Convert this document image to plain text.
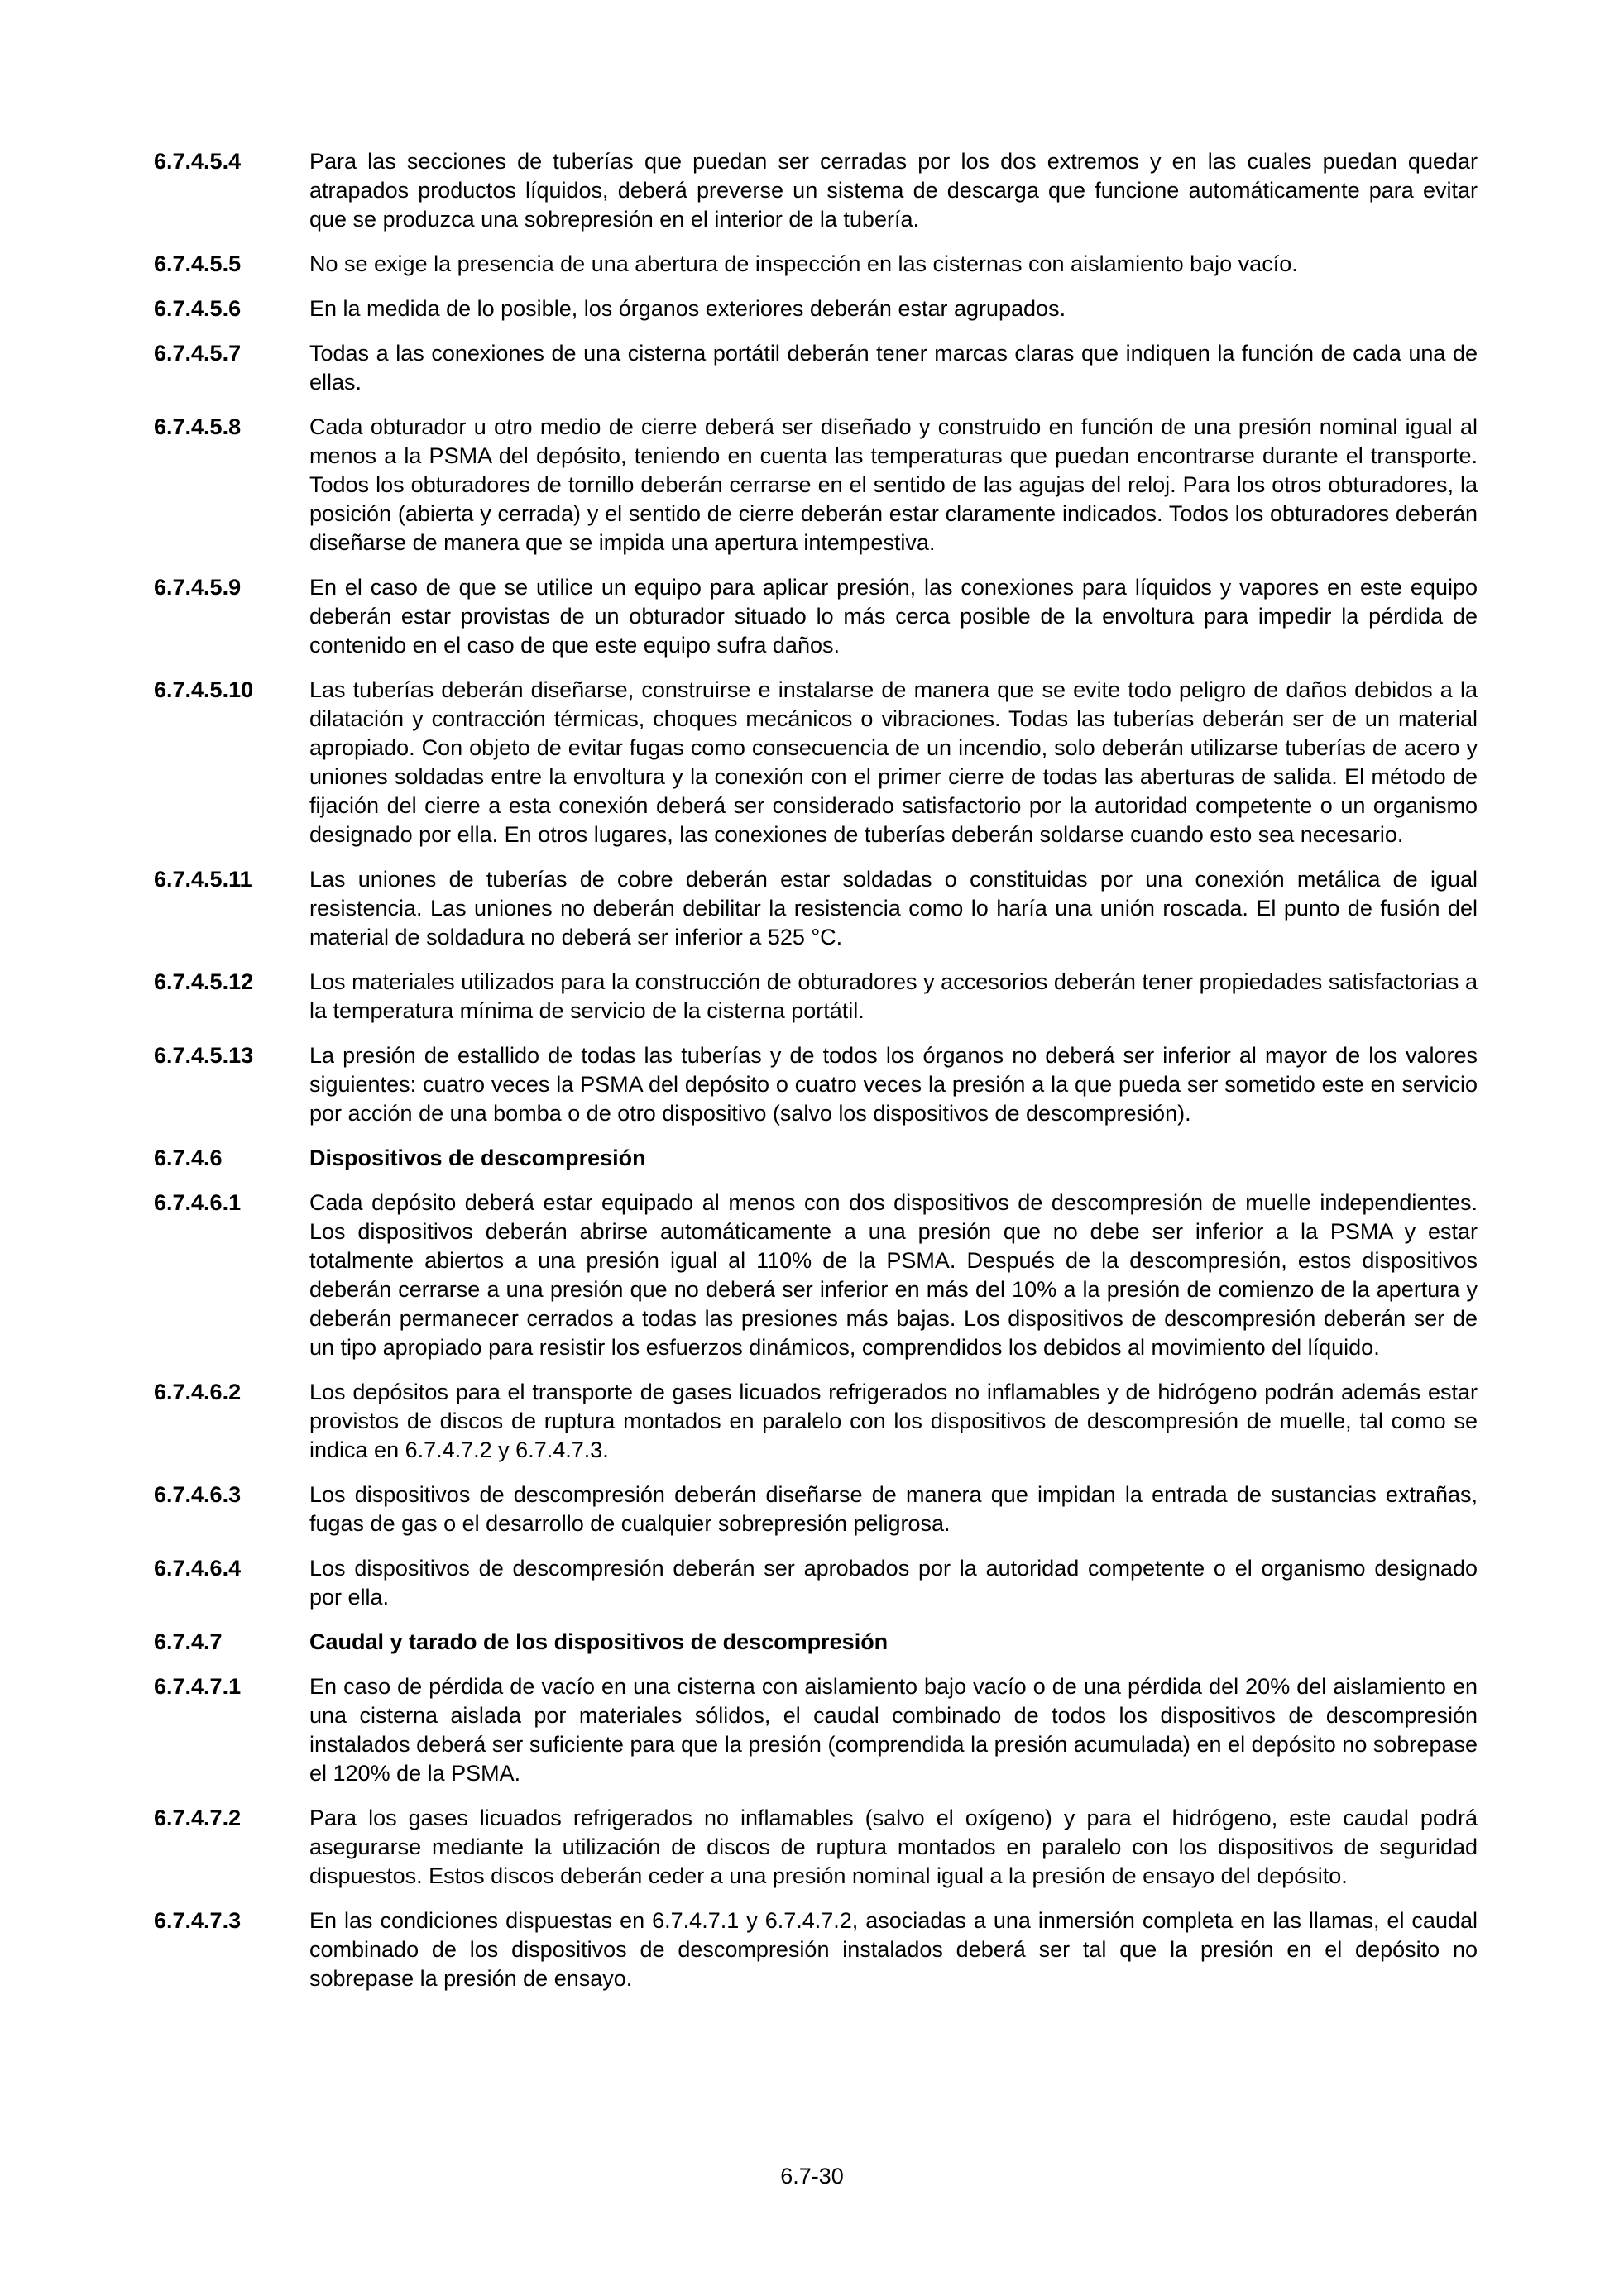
6.7.4.5.4	Para las secciones de tuberías que puedan ser cerradas por los dos extremos y en las cuales puedan quedar atrapados productos líquidos, deberá preverse un sistema de descarga que funcione automáticamente para evitar que se produzca una sobrepresión en el interior de la tubería.
6.7.4.5.5	No se exige la presencia de una abertura de inspección en las cisternas con aislamiento bajo vacío.
6.7.4.5.6	En la medida de lo posible, los órganos exteriores deberán estar agrupados.
6.7.4.5.7	Todas a las conexiones de una cisterna portátil deberán tener marcas claras que indiquen la función de cada una de ellas.
6.7.4.5.8	Cada obturador u otro medio de cierre deberá ser diseñado y construido en función de una presión nominal igual al menos a la PSMA del depósito, teniendo en cuenta las temperaturas que puedan encontrarse durante el transporte. Todos los obturadores de tornillo deberán cerrarse en el sentido de las agujas del reloj. Para los otros obturadores, la posición (abierta y cerrada) y el sentido de cierre deberán estar claramente indicados. Todos los obturadores deberán diseñarse de manera que se impida una apertura intempestiva.
6.7.4.5.9	En el caso de que se utilice un equipo para aplicar presión, las conexiones para líquidos y vapores en este equipo deberán estar provistas de un obturador situado lo más cerca posible de la envoltura para impedir la pérdida de contenido en el caso de que este equipo sufra daños.
6.7.4.5.10	Las tuberías deberán diseñarse, construirse e instalarse de manera que se evite todo peligro de daños debidos a la dilatación y contracción térmicas, choques mecánicos o vibraciones. Todas las tuberías deberán ser de un material apropiado. Con objeto de evitar fugas como consecuencia de un incendio, solo deberán utilizarse tuberías de acero y uniones soldadas entre la envoltura y la conexión con el primer cierre de todas las aberturas de salida. El método de fijación del cierre a esta conexión deberá ser considerado satisfactorio por la autoridad competente o un organismo designado por ella. En otros lugares, las conexiones de tuberías deberán soldarse cuando esto sea necesario.
6.7.4.5.11	Las uniones de tuberías de cobre deberán estar soldadas o constituidas por una conexión metálica de igual resistencia. Las uniones no deberán debilitar la resistencia como lo haría una unión roscada. El punto de fusión del material de soldadura no deberá ser inferior a 525 °C.
6.7.4.5.12	Los materiales utilizados para la construcción de obturadores y accesorios deberán tener propiedades satisfactorias a la temperatura mínima de servicio de la cisterna portátil.
6.7.4.5.13	La presión de estallido de todas las tuberías y de todos los órganos no deberá ser inferior al mayor de los valores siguientes: cuatro veces la PSMA del depósito o cuatro veces la presión a la que pueda ser sometido este en servicio por acción de una bomba o de otro dispositivo (salvo los dispositivos de descompresión).
6.7.4.6	Dispositivos de descompresión
6.7.4.6.1	Cada depósito deberá estar equipado al menos con dos dispositivos de descompresión de muelle independientes. Los dispositivos deberán abrirse automáticamente a una presión que no debe ser inferior a la PSMA y estar totalmente abiertos a una presión igual al 110% de la PSMA. Después de la descompresión, estos dispositivos deberán cerrarse a una presión que no deberá ser inferior en más del 10% a la presión de comienzo de la apertura y deberán permanecer cerrados a todas las presiones más bajas. Los dispositivos de descompresión deberán ser de un tipo apropiado para resistir los esfuerzos dinámicos, comprendidos los debidos al movimiento del líquido.
6.7.4.6.2	Los depósitos para el transporte de gases licuados refrigerados no inflamables y de hidrógeno podrán además estar provistos de discos de ruptura montados en paralelo con los dispositivos de descompresión de muelle, tal como se indica en 6.7.4.7.2 y 6.7.4.7.3.
6.7.4.6.3	Los dispositivos de descompresión deberán diseñarse de manera que impidan la entrada de sustancias extrañas, fugas de gas o el desarrollo de cualquier sobrepresión peligrosa.
6.7.4.6.4	Los dispositivos de descompresión deberán ser aprobados por la autoridad competente o el organismo designado por ella.
6.7.4.7	Caudal y tarado de los dispositivos de descompresión
6.7.4.7.1	En caso de pérdida de vacío en una cisterna con aislamiento bajo vacío o de una pérdida del 20% del aislamiento en una cisterna aislada por materiales sólidos, el caudal combinado de todos los dispositivos de descompresión instalados deberá ser suficiente para que la presión (comprendida la presión acumulada) en el depósito no sobrepase el 120% de la PSMA.
6.7.4.7.2	Para los gases licuados refrigerados no inflamables (salvo el oxígeno) y para el hidrógeno, este caudal podrá asegurarse mediante la utilización de discos de ruptura montados en paralelo con los dispositivos de seguridad dispuestos. Estos discos deberán ceder a una presión nominal igual a la presión de ensayo del depósito.
6.7.4.7.3	En las condiciones dispuestas en 6.7.4.7.1 y 6.7.4.7.2, asociadas a una inmersión completa en las llamas, el caudal combinado de los dispositivos de descompresión instalados deberá ser tal que la presión en el depósito no sobrepase la presión de ensayo.
6.7-30
